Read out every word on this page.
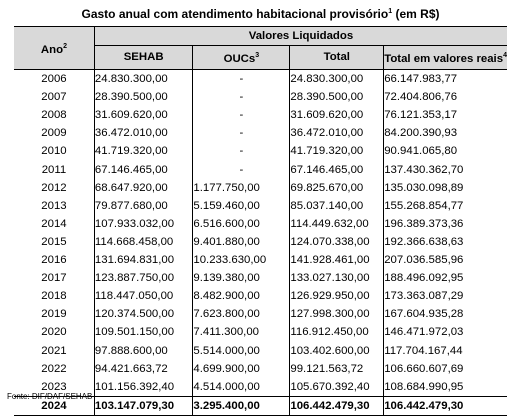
Gasto anual com atendimento habitacional provisório$^1$ (em R$)
Ano$^2$	Valores Liquidados			
	SEHAB	OUCs$^3$	Total	Total em valores reais$^4$
2006	24.830.300,00	-	24.830.300,00	66.147.983,77
2007	28.390.500,00	-	28.390.500,00	72.404.806,76
2008	31.609.620,00	-	31.609.620,00	76.121.353,17
2009	36.472.010,00	-	36.472.010,00	84.200.390,93
2010	41.719.320,00	-	41.719.320,00	90.941.065,80
2011	67.146.465,00	-	67.146.465,00	137.430.362,70
2012	68.647.920,00	1.177.750,00	69.825.670,00	135.030.098,89
2013	79.877.680,00	5.159.460,00	85.037.140,00	155.268.854,77
2014	107.933.032,00	6.516.600,00	114.449.632,00	196.389.373,36
2015	114.668.458,00	9.401.880,00	124.070.338,00	192.366.638,63
2016	131.694.831,00	10.233.630,00	141.928.461,00	207.036.585,96
2017	123.887.750,00	9.139.380,00	133.027.130,00	188.496.092,95
2018	118.447.050,00	8.482.900,00	126.929.950,00	173.363.087,29
2019	120.374.500,00	7.623.800,00	127.998.300,00	167.604.935,28
2020	109.501.150,00	7.411.300,00	116.912.450,00	146.471.972,03
2021	97.888.600,00	5.514.000,00	103.402.600,00	117.704.167,44
2022	94.421.663,72	4.699.900,00	99.121.563,72	106.660.607,69
2023	101.156.392,40	4.514.000,00	105.670.392,40	108.684.990,95
2024	103.147.079,30	3.295.400,00	106.442.479,30	106.442.479,30
Fonte: DIF/DAF/SEHAB
